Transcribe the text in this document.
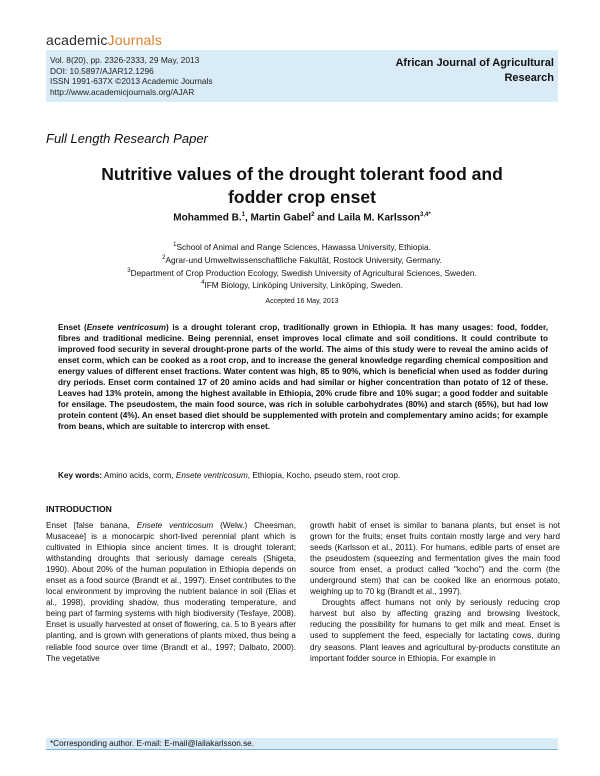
academicJournals
Vol. 8(20), pp. 2326-2333, 29 May, 2013
DOI: 10.5897/AJAR12.1296
ISSN 1991-637X ©2013 Academic Journals
http://www.academicjournals.org/AJAR
African Journal of Agricultural
Research
Full Length Research Paper
Nutritive values of the drought tolerant food and
fodder crop enset
Mohammed B.$^1$, Martin Gabel$^2$ and Laila M. Karlsson$^{3,4*}$
$^1$School of Animal and Range Sciences, Hawassa University, Ethiopia.
$^2$Agrar-und Umweltwissenschaftliche Fakultät, Rostock University, Germany.
$^3$Department of Crop Production Ecology, Swedish University of Agricultural Sciences, Sweden.
$^4$IFM Biology, Linköping University, Linköping, Sweden.
Accepted 16 May, 2013
Enset (Ensete ventricosum) is a drought tolerant crop, traditionally grown in Ethiopia. It has many usages: food, fodder, fibres and traditional medicine. Being perennial, enset improves local climate and soil conditions. It could contribute to improved food security in several drought-prone parts of the world. The aims of this study were to reveal the amino acids of enset corm, which can be cooked as a root crop, and to increase the general knowledge regarding chemical composition and energy values of different enset fractions. Water content was high, 85 to 90%, which is beneficial when used as fodder during dry periods. Enset corm contained 17 of 20 amino acids and had similar or higher concentration than potato of 12 of these. Leaves had 13% protein, among the highest available in Ethiopia, 20% crude fibre and 10% sugar; a good fodder and suitable for ensilage. The pseudostem, the main food source, was rich in soluble carbohydrates (80%) and starch (65%), but had low protein content (4%). An enset based diet should be supplemented with protein and complementary amino acids; for example from beans, which are suitable to intercrop with enset.
Key words: Amino acids, corm, Ensete ventricosum, Ethiopia, Kocho, pseudo stem, root crop.
INTRODUCTION

Enset [false banana, Ensete ventricosum (Welw.) Cheesman, Musaceae] is a monocarpic short-lived perennial plant which is cultivated in Ethiopia since ancient times. It is drought tolerant; withstanding droughts that seriously damage cereals (Shigeta, 1990). About 20% of the human population in Ethiopia depends on enset as a food source (Brandt et al., 1997). Enset contributes to the local environment by improving the nutrient balance in soil (Elias et al., 1998), providing shadow, thus moderating temperature, and being part of farming systems with high biodiversity (Tesfaye, 2008). Enset is usually harvested at onset of flowering, ca. 5 to 8 years after planting, and is grown with generations of plants mixed, thus being a reliable food source over time (Brandt et al., 1997; Dalbato, 2000). The vegetative

growth habit of enset is similar to banana plants, but enset is not grown for the fruits; enset fruits contain mostly large and very hard seeds (Karlsson et al., 2011). For humans, edible parts of enset are the pseudostem (squeezing and fermentation gives the main food source from enset, a product called "kocho") and the corm (the underground stem) that can be cooked like an enormous potato, weighing up to 70 kg (Brandt et al., 1997).

Droughts affect humans not only by seriously reducing crop harvest but also by affecting grazing and browsing livestock, reducing the possibility for humans to get milk and meat. Enset is used to supplement the feed, especially for lactating cows, during dry seasons. Plant leaves and agricultural by-products constitute an important fodder source in Ethiopia. For example in

*Corresponding author. E-mail: E-mail@lailakarlsson.se.
